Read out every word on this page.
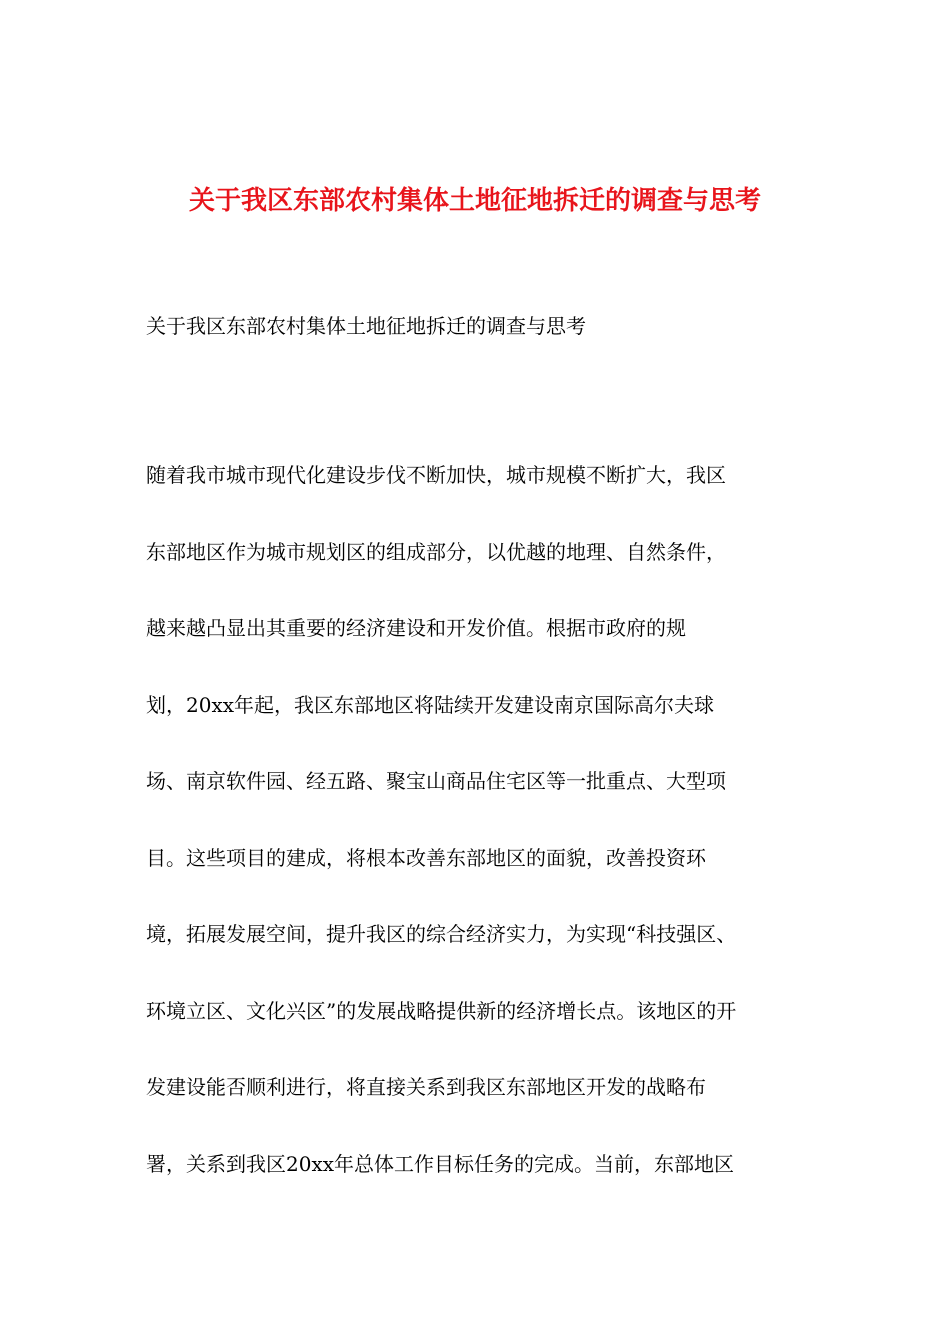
关于我区东部农村集体土地征地拆迁的调查与思考

关于我区东部农村集体土地征地拆迁的调查与思考

随着我市城市现代化建设步伐不断加快，城市规模不断扩大，我区
东部地区作为城市规划区的组成部分，以优越的地理、自然条件，
越来越凸显出其重要的经济建设和开发价值。根据市政府的规
划，20xx年起，我区东部地区将陆续开发建设南京国际高尔夫球
场、南京软件园、经五路、聚宝山商品住宅区等一批重点、大型项
目。这些项目的建成，将根本改善东部地区的面貌，改善投资环
境，拓展发展空间，提升我区的综合经济实力，为实现“科技强区、
环境立区、文化兴区”的发展战略提供新的经济增长点。该地区的开
发建设能否顺利进行，将直接关系到我区东部地区开发的战略布
署，关系到我区20xx年总体工作目标任务的完成。当前，东部地区
